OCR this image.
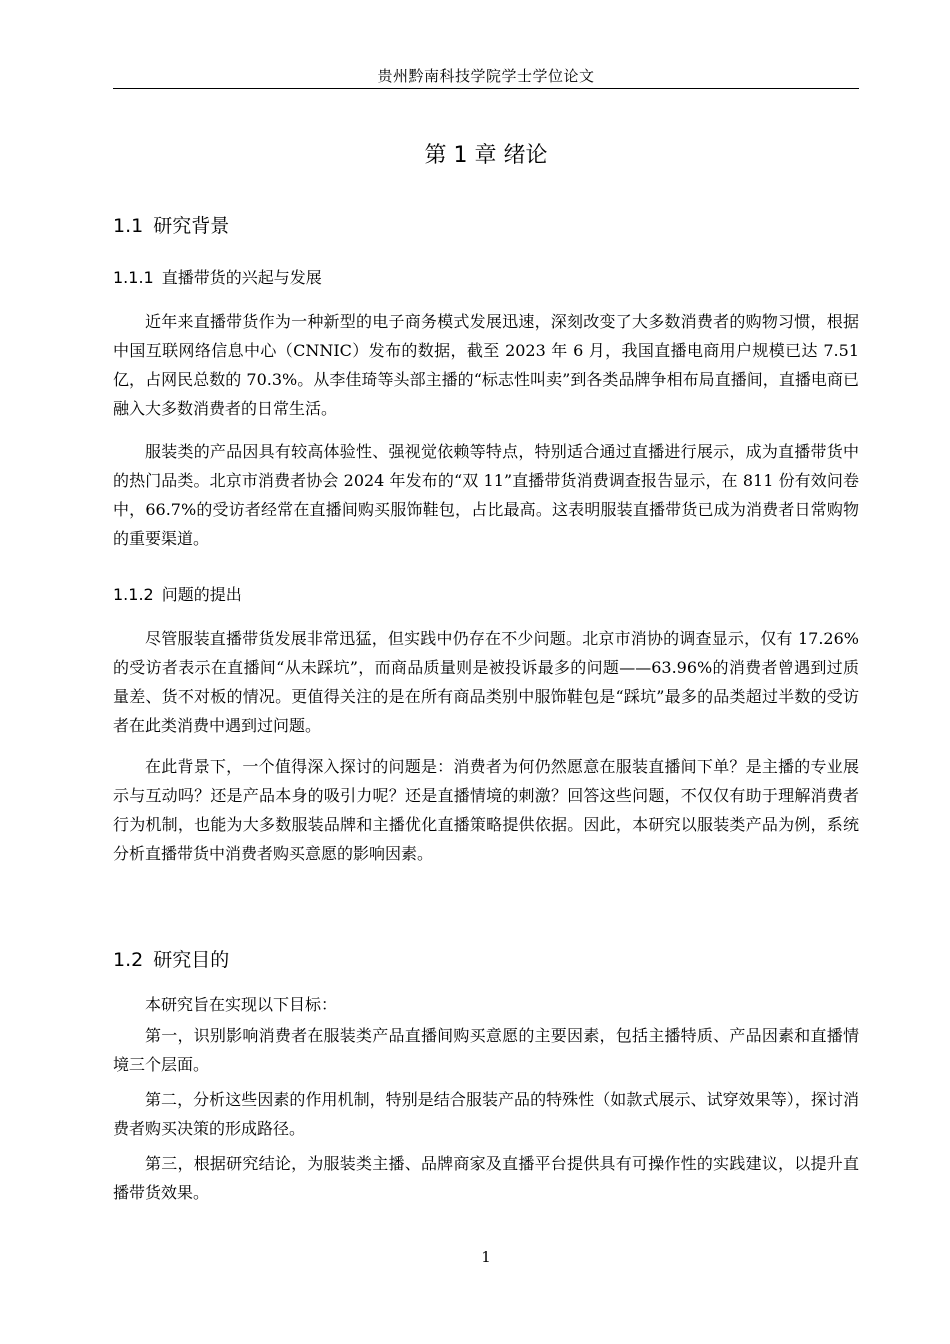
贵州黔南科技学院学士学位论文
第 1 章 绪论
1.1 研究背景
1.1.1 直播带货的兴起与发展

近年来直播带货作为一种新型的电子商务模式发展迅速，深刻改变了大多数消费者的购物习惯，根据中国互联网络信息中心（CNNIC）发布的数据，截至 2023 年 6 月，我国直播电商用户规模已达 7.51 亿，占网民总数的 70.3%。从李佳琦等头部主播的“标志性叫卖”到各类品牌争相布局直播间，直播电商已融入大多数消费者的日常生活。

服装类的产品因具有较高体验性、强视觉依赖等特点，特别适合通过直播进行展示，成为直播带货中的热门品类。北京市消费者协会 2024 年发布的“双 11”直播带货消费调查报告显示，在 811 份有效问卷中，66.7%的受访者经常在直播间购买服饰鞋包，占比最高。这表明服装直播带货已成为消费者日常购物的重要渠道。

1.1.2 问题的提出

尽管服装直播带货发展非常迅猛，但实践中仍存在不少问题。北京市消协的调查显示，仅有 17.26%的受访者表示在直播间“从未踩坑”，而商品质量则是被投诉最多的问题——63.96%的消费者曾遇到过质量差、货不对板的情况。更值得关注的是在所有商品类别中服饰鞋包是“踩坑”最多的品类超过半数的受访者在此类消费中遇到过问题。

在此背景下，一个值得深入探讨的问题是：消费者为何仍然愿意在服装直播间下单？是主播的专业展示与互动吗？还是产品本身的吸引力呢？还是直播情境的刺激？回答这些问题，不仅仅有助于理解消费者行为机制，也能为大多数服装品牌和主播优化直播策略提供依据。因此，本研究以服装类产品为例，系统分析直播带货中消费者购买意愿的影响因素。

1.2 研究目的

本研究旨在实现以下目标：

第一，识别影响消费者在服装类产品直播间购买意愿的主要因素，包括主播特质、产品因素和直播情境三个层面。

第二，分析这些因素的作用机制，特别是结合服装产品的特殊性（如款式展示、试穿效果等），探讨消费者购买决策的形成路径。

第三，根据研究结论，为服装类主播、品牌商家及直播平台提供具有可操作性的实践建议，以提升直播带货效果。

1
